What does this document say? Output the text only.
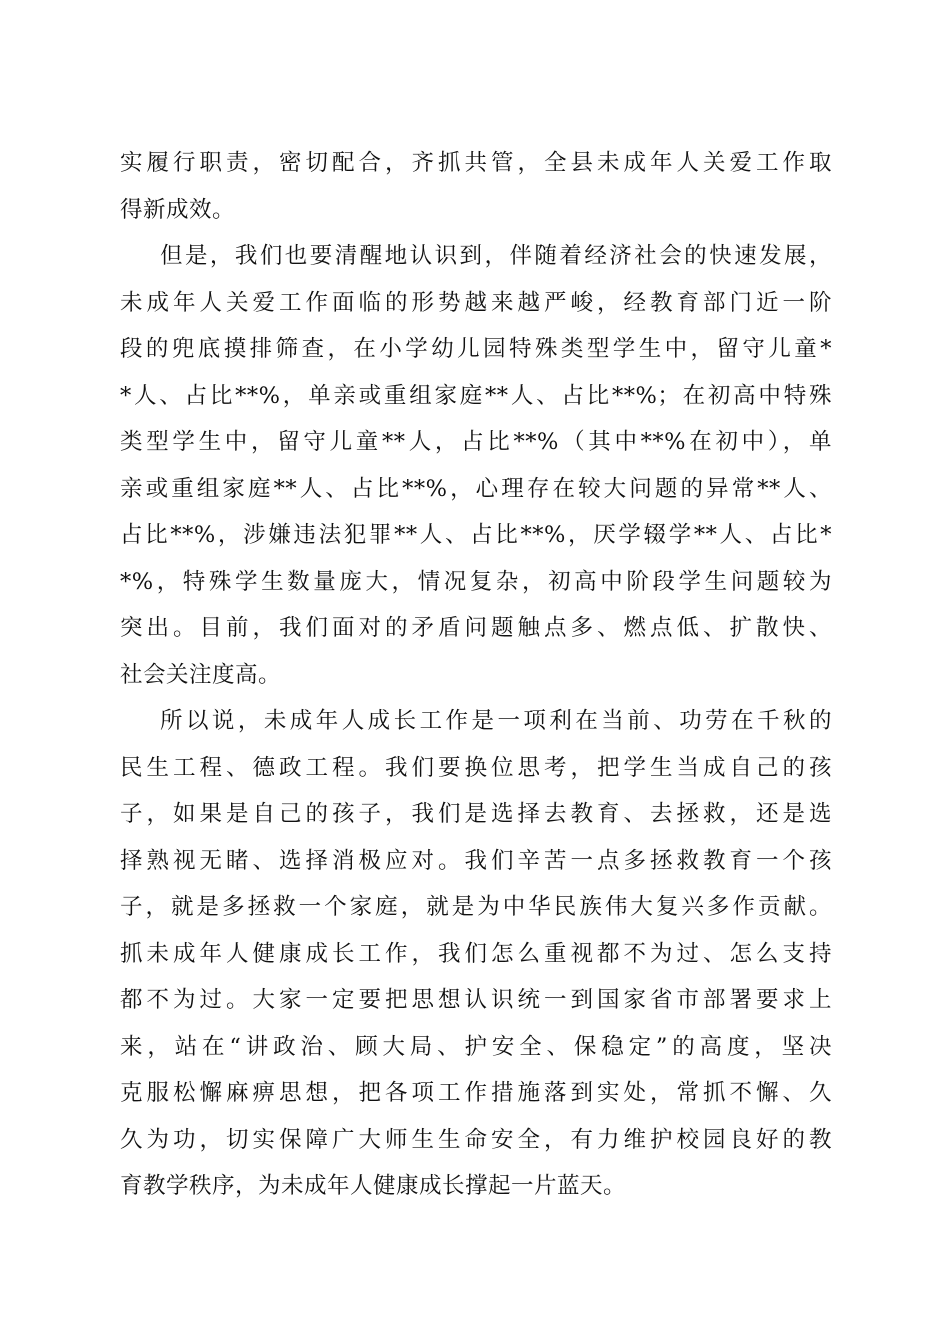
实履行职责，密切配合，齐抓共管，全县未成年人关爱工作取
得新成效。
但是，我们也要清醒地认识到，伴随着经济社会的快速发展，
未成年人关爱工作面临的形势越来越严峻，经教育部门近一阶
段的兜底摸排筛查，在小学幼儿园特殊类型学生中，留守儿童*
*人、占比**%，单亲或重组家庭**人、占比**%；在初高中特殊
类型学生中，留守儿童**人，占比**%（其中**%在初中），单
亲或重组家庭**人、占比**%，心理存在较大问题的异常**人、
占比**%，涉嫌违法犯罪**人、占比**%，厌学辍学**人、占比*
*%，特殊学生数量庞大，情况复杂，初高中阶段学生问题较为
突出。目前，我们面对的矛盾问题触点多、燃点低、扩散快、
社会关注度高。
所以说，未成年人成长工作是一项利在当前、功劳在千秋的
民生工程、德政工程。我们要换位思考，把学生当成自己的孩
子，如果是自己的孩子，我们是选择去教育、去拯救，还是选
择熟视无睹、选择消极应对。我们辛苦一点多拯救教育一个孩
子，就是多拯救一个家庭，就是为中华民族伟大复兴多作贡献。
抓未成年人健康成长工作，我们怎么重视都不为过、怎么支持
都不为过。大家一定要把思想认识统一到国家省市部署要求上
来，站在“讲政治、顾大局、护安全、保稳定”的高度，坚决
克服松懈麻痹思想，把各项工作措施落到实处，常抓不懈、久
久为功，切实保障广大师生生命安全，有力维护校园良好的教
育教学秩序，为未成年人健康成长撑起一片蓝天。
